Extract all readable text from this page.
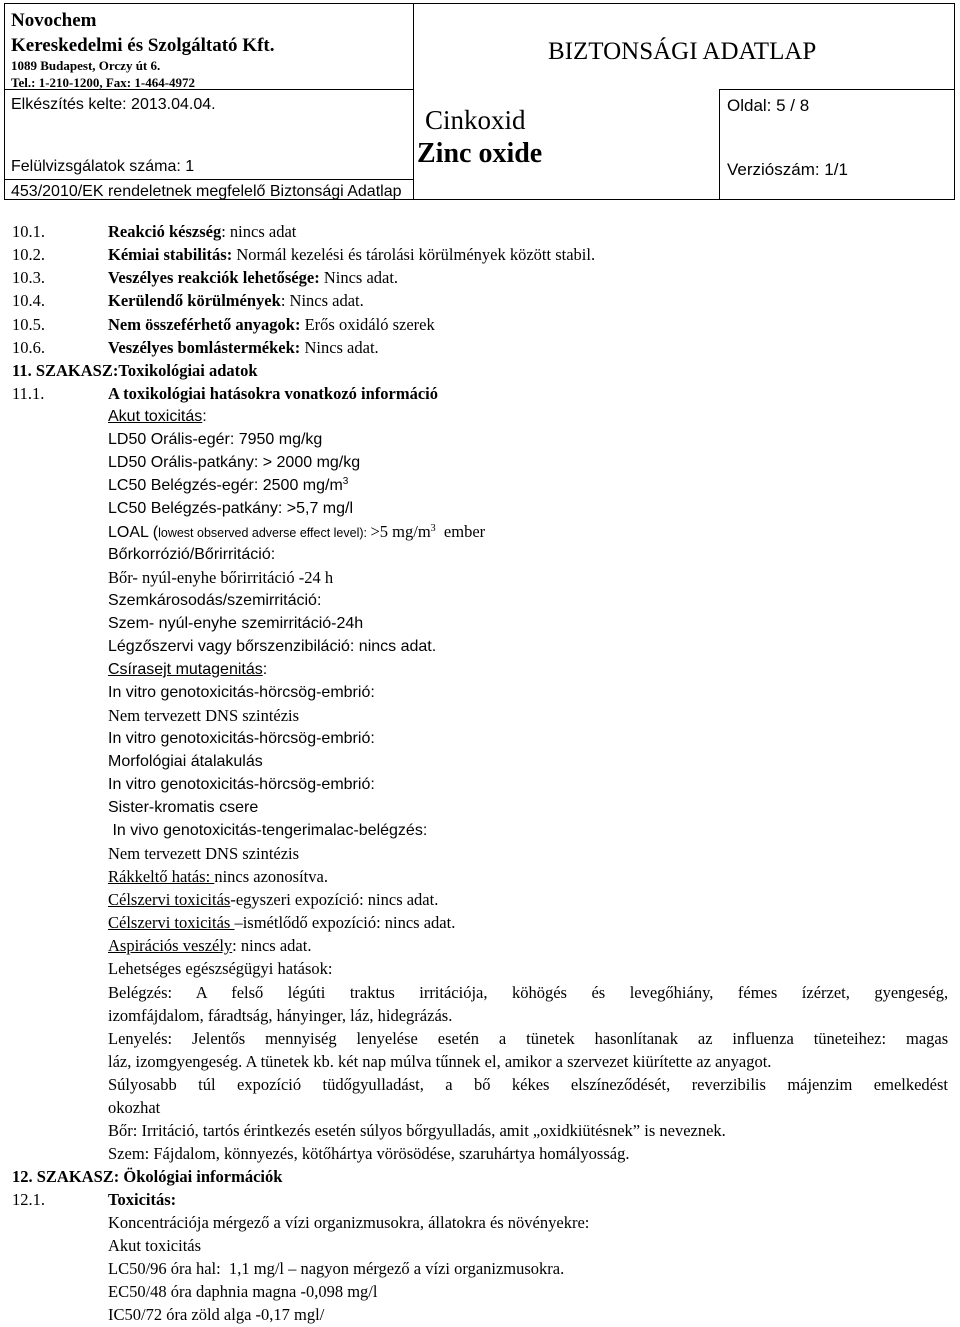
Novochem
Kereskedelmi és Szolgáltató Kft.
1089 Budapest, Orczy út 6.
Tel.: 1-210-1200, Fax: 1-464-4972
BIZTONSÁGI ADATLAP
Elkészítés kelte: 2013.04.04.
Felülvizsgálatok száma: 1
453/2010/EK rendeletnek megfelelő Biztonsági Adatlap
Cinkoxid
Zinc oxide
Oldal: 5 / 8
Verziószám: 1/1
10.1.	Reakció készség: nincs adat
10.2.	Kémiai stabilitás: Normál kezelési és tárolási körülmények között stabil.
10.3.	Veszélyes reakciók lehetősége: Nincs adat.
10.4.	Kerülendő körülmények: Nincs adat.
10.5.	Nem összeférhető anyagok: Erős oxidáló szerek
10.6.	Veszélyes bomlástermékek: Nincs adat.
11. SZAKASZ:Toxikológiai adatok
11.1.	A toxikológiai hatásokra vonatkozó információ
Akut toxicitás:
LD50 Orális-egér: 7950 mg/kg
LD50 Orális-patkány: > 2000 mg/kg
LC50 Belégzés-egér: 2500 $mg/m^3$
LC50 Belégzés-patkány: >5,7 mg/l
LOAL (lowest observed adverse effect level): >5 $mg/m^3$  ember
Bőrkorrózió/Bőrirritáció:
Bőr- nyúl-enyhe bőrirritáció -24 h
Szemkárosodás/szemirritáció:
Szem- nyúl-enyhe szemirritáció-24h
Légzőszervi vagy bőrszenzibiláció: nincs adat.
Csírasejt mutagenitás:
In vitro genotoxicitás-hörcsög-embrió:
Nem tervezett DNS szintézis
In vitro genotoxicitás-hörcsög-embrió:
Morfológiai átalakulás
In vitro genotoxicitás-hörcsög-embrió:
Sister-kromatis csere
In vivo genotoxicitás-tengerimalac-belégzés:
Nem tervezett DNS szintézis
Rákkeltő hatás: nincs azonosítva.
Célszervi toxicitás-egyszeri expozíció: nincs adat.
Célszervi toxicitás –ismétlődő expozíció: nincs adat.
Aspirációs veszély: nincs adat.
Lehetséges egészségügyi hatások:
Belégzés: A felső légúti traktus irritációja, köhögés és levegőhiány, fémes ízérzet, gyengeség,
izomfájdalom, fáradtság, hányinger, láz, hidegrázás.
Lenyelés: Jelentős mennyiség lenyelése esetén a tünetek hasonlítanak az influenza tüneteihez: magas
láz, izomgyengeség. A tünetek kb. két nap múlva tűnnek el, amikor a szervezet kiürítette az anyagot.
Súlyosabb túl expozíció tüdőgyulladást, a bő kékes elszíneződését, reverzibilis májenzim emelkedést
okozhat
Bőr: Irritáció, tartós érintkezés esetén súlyos bőrgyulladás, amit „oxidkiütésnek” is neveznek.
Szem: Fájdalom, könnyezés, kötőhártya vörösödése, szaruhártya homályosság.
12. SZAKASZ: Ökológiai információk
12.1.	Toxicitás:
Koncentrációja mérgező a vízi organizmusokra, állatokra és növényekre:
Akut toxicitás
LC50/96 óra hal:  1,1 mg/l – nagyon mérgező a vízi organizmusokra.
EC50/48 óra daphnia magna -0,098 mg/l
IC50/72 óra zöld alga -0,17 mgl/
